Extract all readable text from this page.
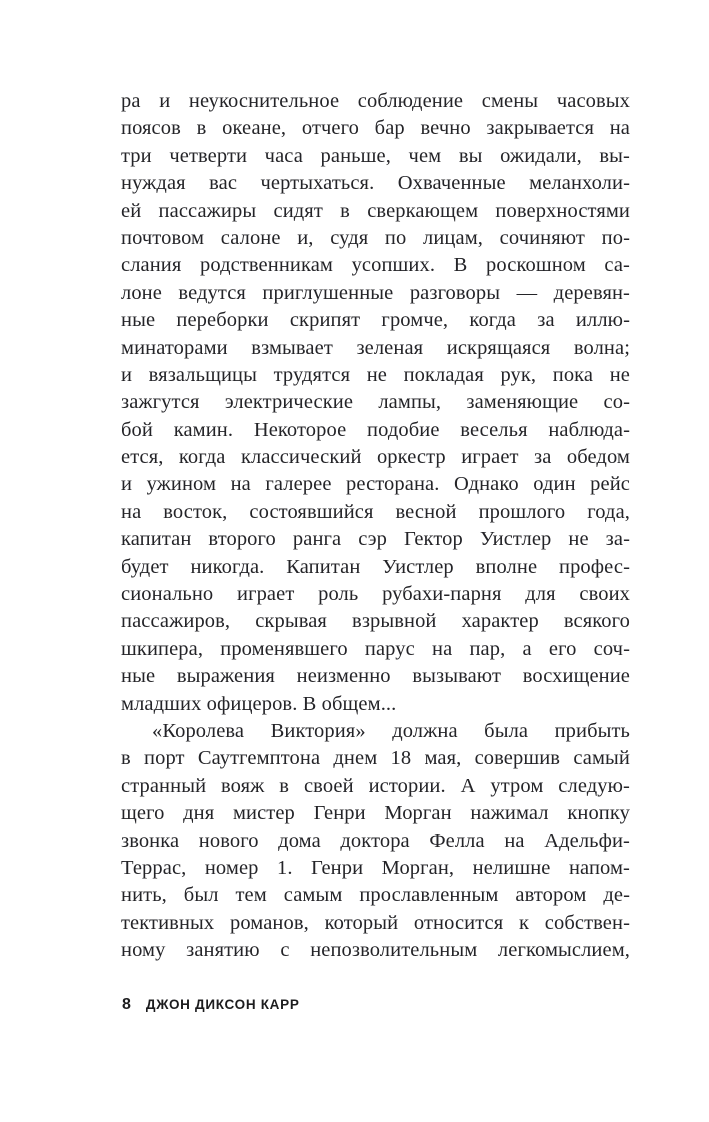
ра и неукоснительное соблюдение смены часовых
поясов в океане, отчего бар вечно закрывается на
три четверти часа раньше, чем вы ожидали, вы-
нуждая вас чертыхаться. Охваченные меланхоли-
ей пассажиры сидят в сверкающем поверхностями
почтовом салоне и, судя по лицам, сочиняют по-
слания родственникам усопших. В роскошном са-
лоне ведутся приглушенные разговоры — деревян-
ные переборки скрипят громче, когда за иллю-
минаторами взмывает зеленая искрящаяся волна;
и вязальщицы трудятся не покладая рук, пока не
зажгутся электрические лампы, заменяющие со-
бой камин. Некоторое подобие веселья наблюда-
ется, когда классический оркестр играет за обедом
и ужином на галерее ресторана. Однако один рейс
на восток, состоявшийся весной прошлого года,
капитан второго ранга сэр Гектор Уистлер не за-
будет никогда. Капитан Уистлер вполне профес-
сионально играет роль рубахи-парня для своих
пассажиров, скрывая взрывной характер всякого
шкипера, променявшего парус на пар, а его соч-
ные выражения неизменно вызывают восхищение
младших офицеров. В общем...
«Королева Виктория» должна была прибыть
в порт Саутгемптона днем 18 мая, совершив самый
странный вояж в своей истории. А утром следую-
щего дня мистер Генри Морган нажимал кнопку
звонка нового дома доктора Фелла на Адельфи-
Террас, номер 1. Генри Морган, нелишне напом-
нить, был тем самым прославленным автором де-
тективных романов, который относится к собствен-
ному занятию с непозволительным легкомыслием,
8 ДЖОН ДИКСОН КАРР
